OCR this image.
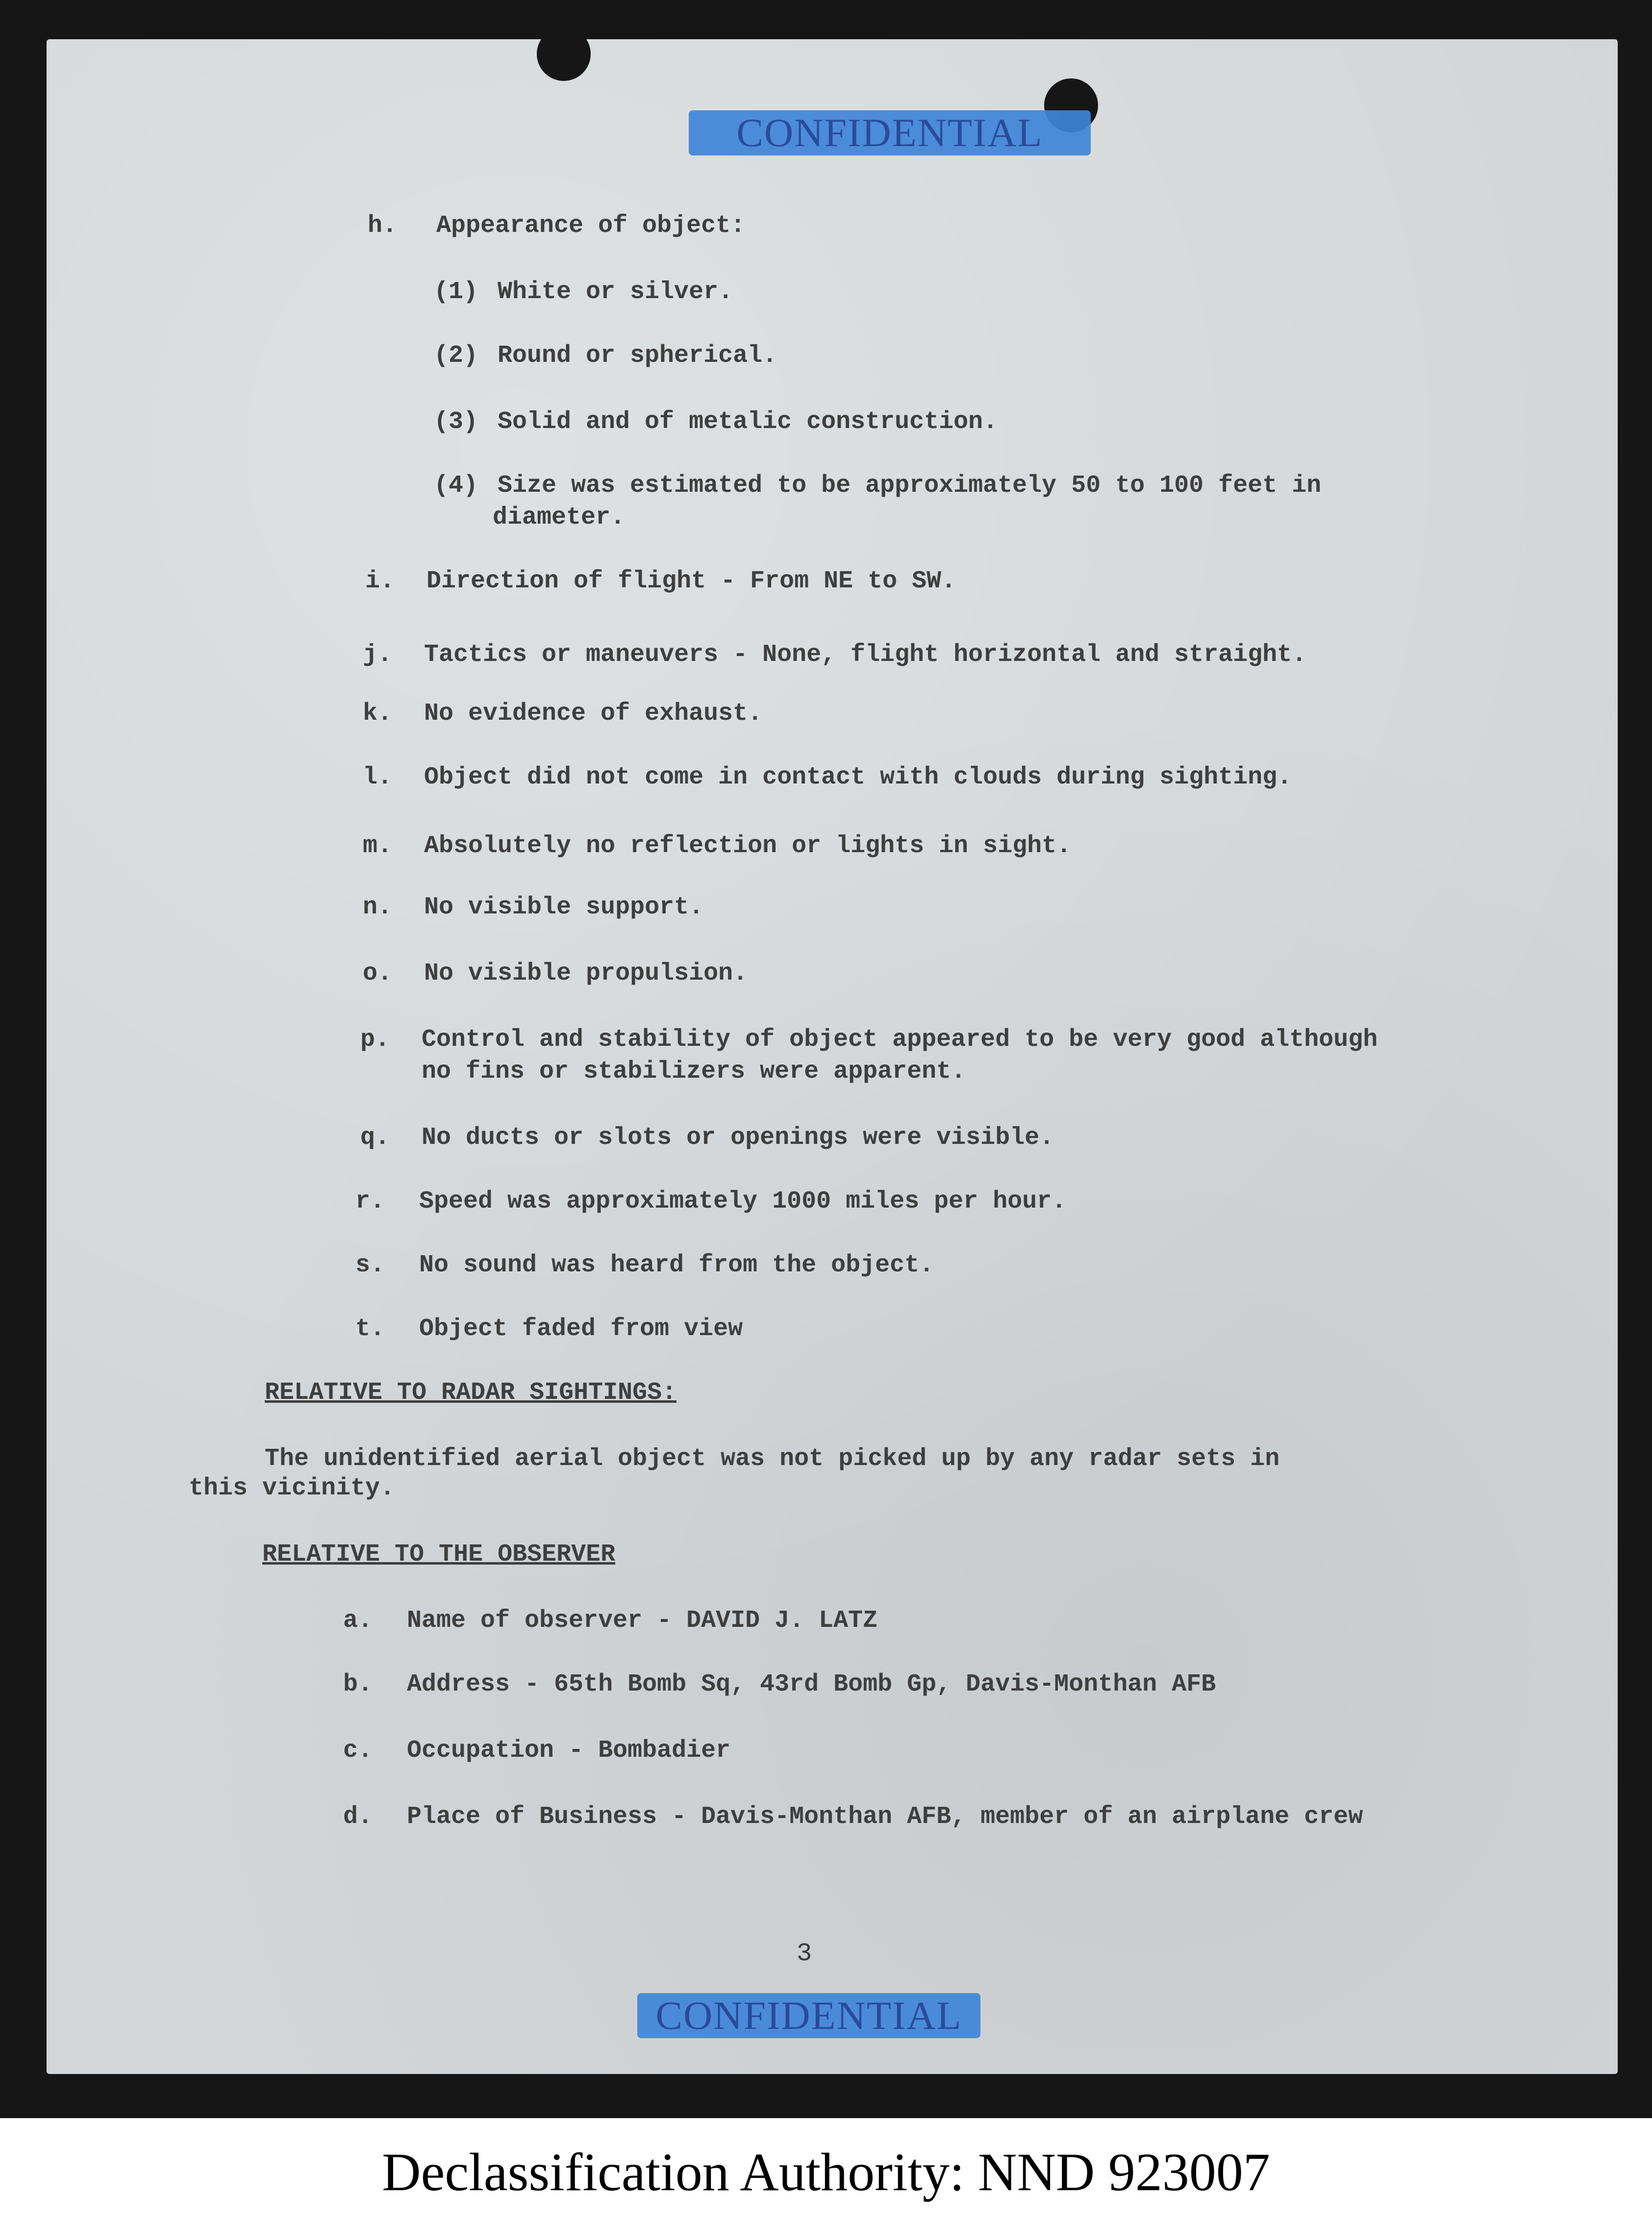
CONFIDENTIAL
h. Appearance of object:
(1) White or silver.
(2) Round or spherical.
(3) Solid and of metalic construction.
(4) Size was estimated to be approximately 50 to 100 feet in
diameter.
i. Direction of flight - From NE to SW.
j. Tactics or maneuvers - None, flight horizontal and straight.
k. No evidence of exhaust.
l. Object did not come in contact with clouds during sighting.
m. Absolutely no reflection or lights in sight.
n. No visible support.
o. No visible propulsion.
p. Control and stability of object appeared to be very good although
no fins or stabilizers were apparent.
q. No ducts or slots or openings were visible.
r. Speed was approximately 1000 miles per hour.
s. No sound was heard from the object.
t. Object faded from view
RELATIVE TO RADAR SIGHTINGS:
The unidentified aerial object was not picked up by any radar sets in
this vicinity.
RELATIVE TO THE OBSERVER
a. Name of observer - DAVID J. LATZ
b. Address - 65th Bomb Sq, 43rd Bomb Gp, Davis-Monthan AFB
c. Occupation - Bombadier
d. Place of Business - Davis-Monthan AFB, member of an airplane crew
3
CONFIDENTIAL
Declassification Authority: NND 923007
